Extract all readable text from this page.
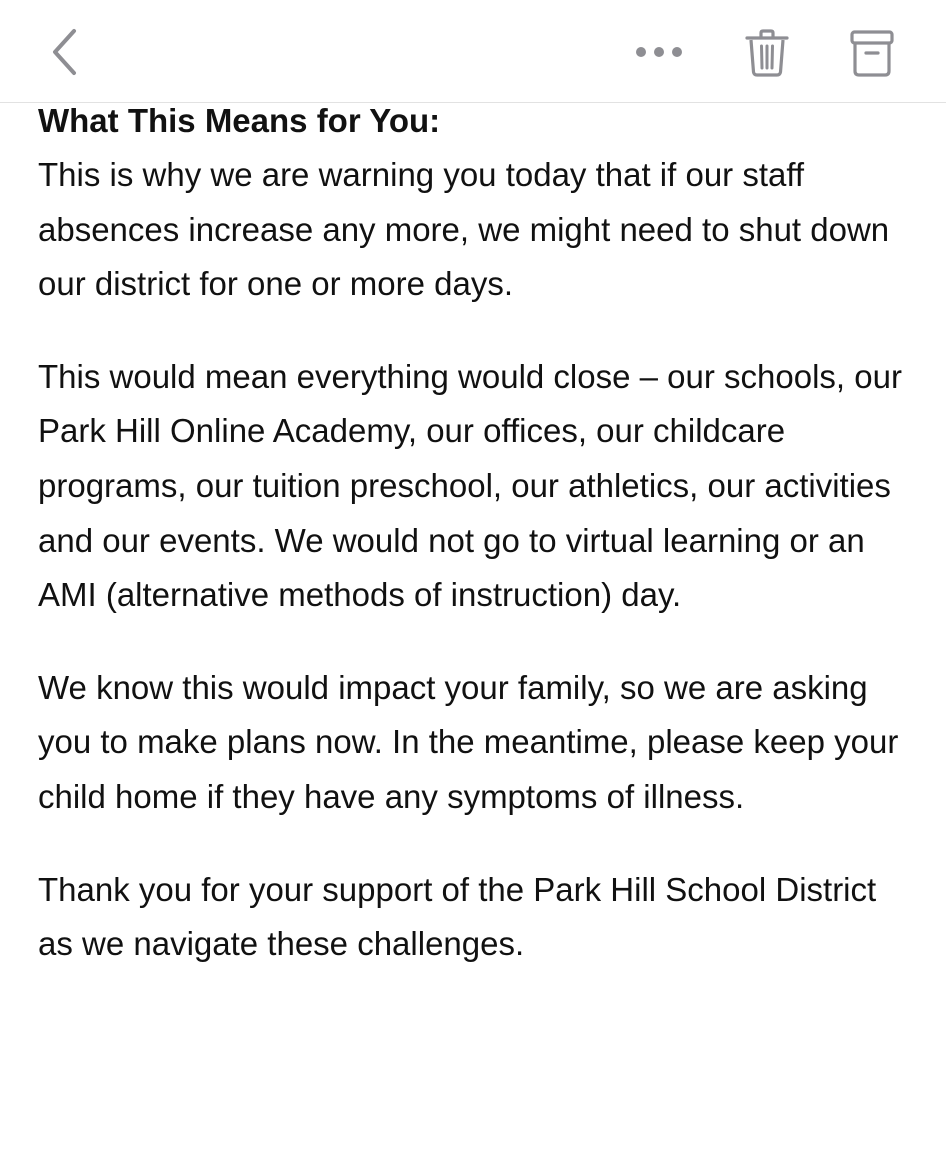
What This Means for You:

This is why we are warning you today that if our staff absences increase any more, we might need to shut down our district for one or more days.

This would mean everything would close – our schools, our Park Hill Online Academy, our offices, our childcare programs, our tuition preschool, our athletics, our activities and our events. We would not go to virtual learning or an AMI (alternative methods of instruction) day.

We know this would impact your family, so we are asking you to make plans now. In the meantime, please keep your child home if they have any symptoms of illness.

Thank you for your support of the Park Hill School District as we navigate these challenges.
